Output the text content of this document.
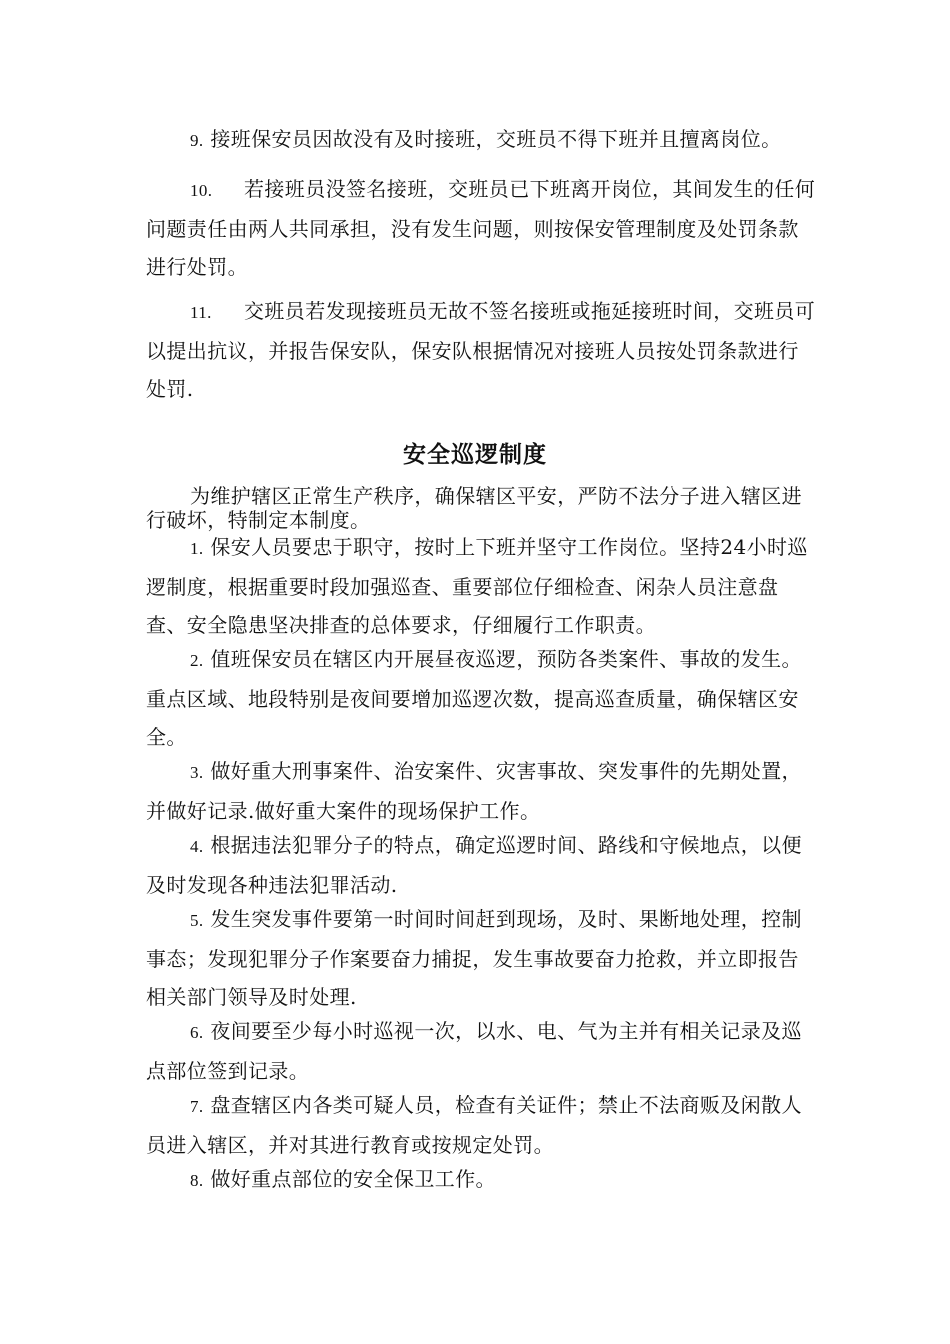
9. 接班保安员因故没有及时接班，交班员不得下班并且擅离岗位。

10. 若接班员没签名接班，交班员已下班离开岗位，其间发生的任何问题责任由两人共同承担，没有发生问题，则按保安管理制度及处罚条款进行处罚。

11. 交班员若发现接班员无故不签名接班或拖延接班时间，交班员可以提出抗议，并报告保安队，保安队根据情况对接班人员按处罚条款进行处罚.

安全巡逻制度

为维护辖区正常生产秩序，确保辖区平安，严防不法分子进入辖区进行破坏，特制定本制度。

1. 保安人员要忠于职守，按时上下班并坚守工作岗位。坚持24小时巡逻制度，根据重要时段加强巡查、重要部位仔细检查、闲杂人员注意盘查、安全隐患坚决排查的总体要求，仔细履行工作职责。

2. 值班保安员在辖区内开展昼夜巡逻，预防各类案件、事故的发生。重点区域、地段特别是夜间要增加巡逻次数，提高巡查质量，确保辖区安全。

3. 做好重大刑事案件、治安案件、灾害事故、突发事件的先期处置，并做好记录.做好重大案件的现场保护工作。

4. 根据违法犯罪分子的特点，确定巡逻时间、路线和守候地点，以便及时发现各种违法犯罪活动.

5. 发生突发事件要第一时间时间赶到现场，及时、果断地处理，控制事态；发现犯罪分子作案要奋力捕捉，发生事故要奋力抢救，并立即报告相关部门领导及时处理.

6. 夜间要至少每小时巡视一次，以水、电、气为主并有相关记录及巡点部位签到记录。

7. 盘查辖区内各类可疑人员，检查有关证件；禁止不法商贩及闲散人员进入辖区，并对其进行教育或按规定处罚。

8. 做好重点部位的安全保卫工作。
